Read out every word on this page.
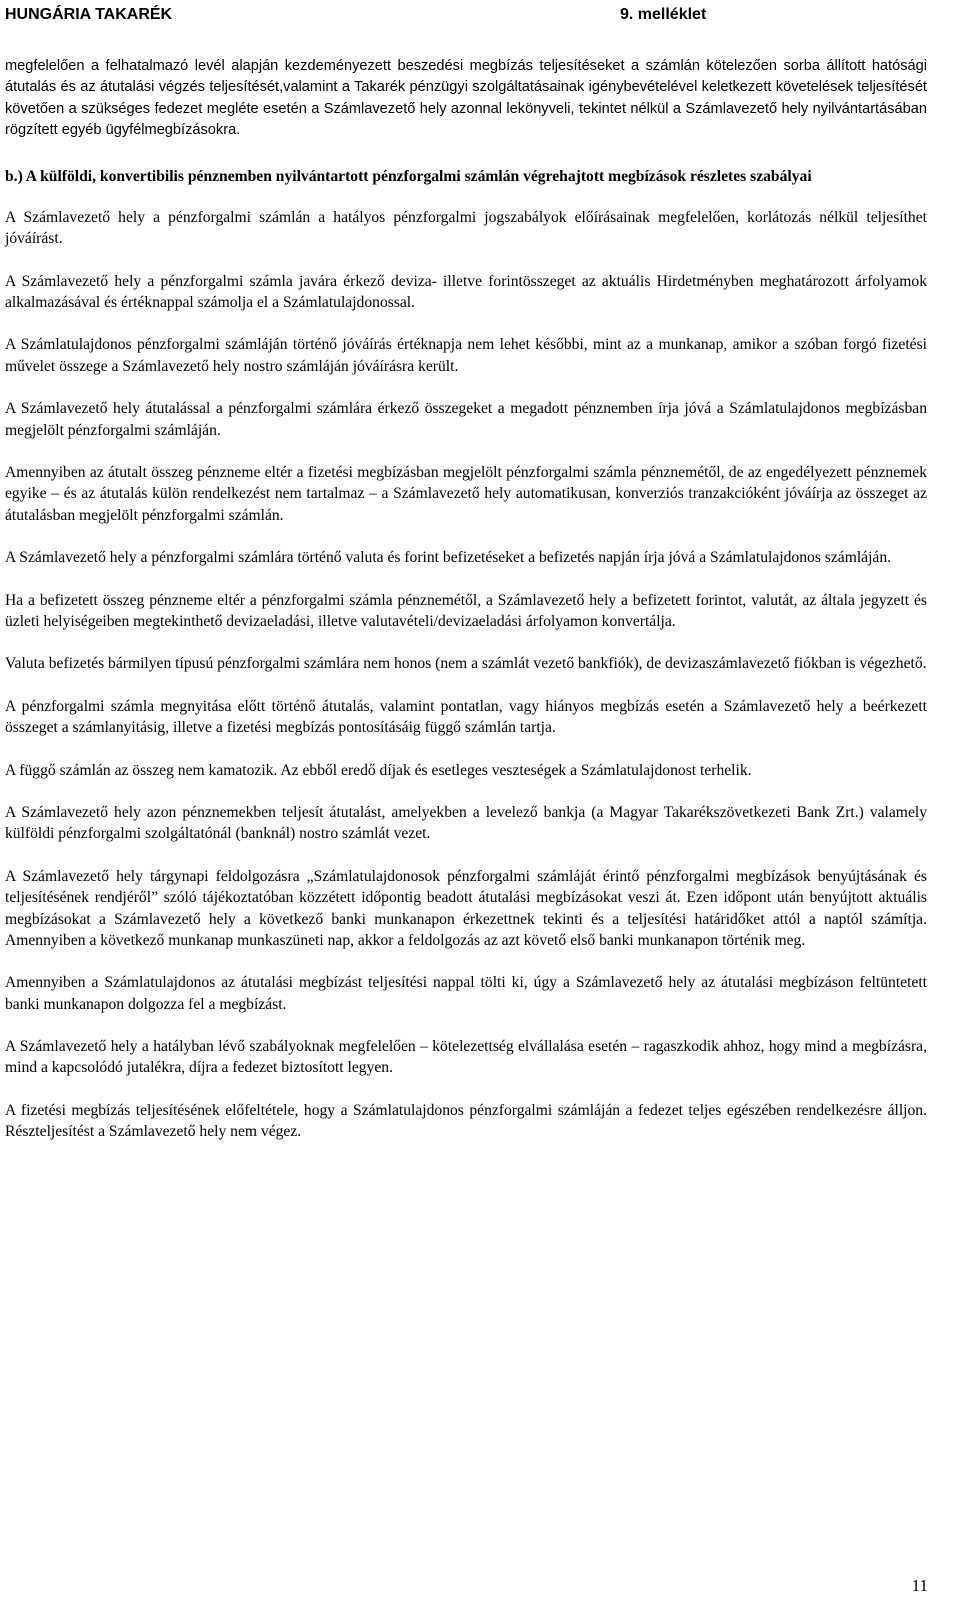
HUNGÁRIA TAKARÉK	9. melléklet

megfelelően a felhatalmazó levél alapján kezdeményezett beszedési megbízás teljesítéseket a számlán kötelezően sorba állított hatósági átutalás és az átutalási végzés teljesítését,valamint a Takarék pénzügyi szolgáltatásainak igénybevételével keletkezett követelések teljesítését követően a szükséges fedezet megléte esetén a Számlavezető hely azonnal lekönyveli, tekintet nélkül a Számlavezető hely nyilvántartásában rögzített egyéb ügyfélmegbízásokra.

b.) A külföldi, konvertibilis pénznemben nyilvántartott pénzforgalmi számlán végrehajtott megbízások részletes szabályai

A Számlavezető hely a pénzforgalmi számlán a hatályos pénzforgalmi jogszabályok előírásainak megfelelően, korlátozás nélkül teljesíthet jóváírást.

A Számlavezető hely a pénzforgalmi számla javára érkező deviza- illetve forintösszeget az aktuális Hirdetményben meghatározott árfolyamok alkalmazásával és értéknappal számolja el a Számlatulajdonossal.

A Számlatulajdonos pénzforgalmi számláján történő jóváírás értéknapja nem lehet későbbi, mint az a munkanap, amikor a szóban forgó fizetési művelet összege a Számlavezető hely nostro számláján jóváírásra került.

A Számlavezető hely átutalással a pénzforgalmi számlára érkező összegeket a megadott pénznemben írja jóvá a Számlatulajdonos megbízásban megjelölt pénzforgalmi számláján.

Amennyiben az átutalt összeg pénzneme eltér a fizetési megbízásban megjelölt pénzforgalmi számla pénznemétől, de az engedélyezett pénznemek egyike – és az átutalás külön rendelkezést nem tartalmaz – a Számlavezető hely automatikusan, konverziós tranzakcióként jóváírja az összeget az átutalásban megjelölt pénzforgalmi számlán.

A Számlavezető hely a pénzforgalmi számlára történő valuta és forint befizetéseket a befizetés napján írja jóvá a Számlatulajdonos számláján.

Ha a befizetett összeg pénzneme eltér a pénzforgalmi számla pénznemétől, a Számlavezető hely a befizetett forintot, valutát, az általa jegyzett és üzleti helyiségeiben megtekinthető devizaeladási, illetve valutavételi/devizaeladási árfolyamon konvertálja.

Valuta befizetés bármilyen típusú pénzforgalmi számlára nem honos (nem a számlát vezető bankfiók), de devizaszámlavezető fiókban is végezhető.

A pénzforgalmi számla megnyitása előtt történő átutalás, valamint pontatlan, vagy hiányos megbízás esetén a Számlavezető hely a beérkezett összeget a számlanyitásig, illetve a fizetési megbízás pontosításáig függő számlán tartja.

A függő számlán az összeg nem kamatozik. Az ebből eredő díjak és esetleges veszteségek a Számlatulajdonost terhelik.

A Számlavezető hely azon pénznemekben teljesít átutalást, amelyekben a levelező bankja (a Magyar Takarékszövetkezeti Bank Zrt.) valamely külföldi pénzforgalmi szolgáltatónál (banknál) nostro számlát vezet.

A Számlavezető hely tárgynapi feldolgozásra „Számlatulajdonosok pénzforgalmi számláját érintő pénzforgalmi megbízások benyújtásának és teljesítésének rendjéről” szóló tájékoztatóban közzétett időpontig beadott átutalási megbízásokat veszi át. Ezen időpont után benyújtott aktuális megbízásokat a Számlavezető hely a következő banki munkanapon érkezettnek tekinti és a teljesítési határidőket attól a naptól számítja. Amennyiben a következő munkanap munkaszüneti nap, akkor a feldolgozás az azt követő első banki munkanapon történik meg.

Amennyiben a Számlatulajdonos az átutalási megbízást teljesítési nappal tölti ki, úgy a Számlavezető hely az átutalási megbízáson feltüntetett banki munkanapon dolgozza fel a megbízást.

A Számlavezető hely a hatályban lévő szabályoknak megfelelően – kötelezettség elvállalása esetén – ragaszkodik ahhoz, hogy mind a megbízásra, mind a kapcsolódó jutalékra, díjra a fedezet biztosított legyen.

A fizetési megbízás teljesítésének előfeltétele, hogy a Számlatulajdonos pénzforgalmi számláján a fedezet teljes egészében rendelkezésre álljon. Részteljesítést a Számlavezető hely nem végez.

11
